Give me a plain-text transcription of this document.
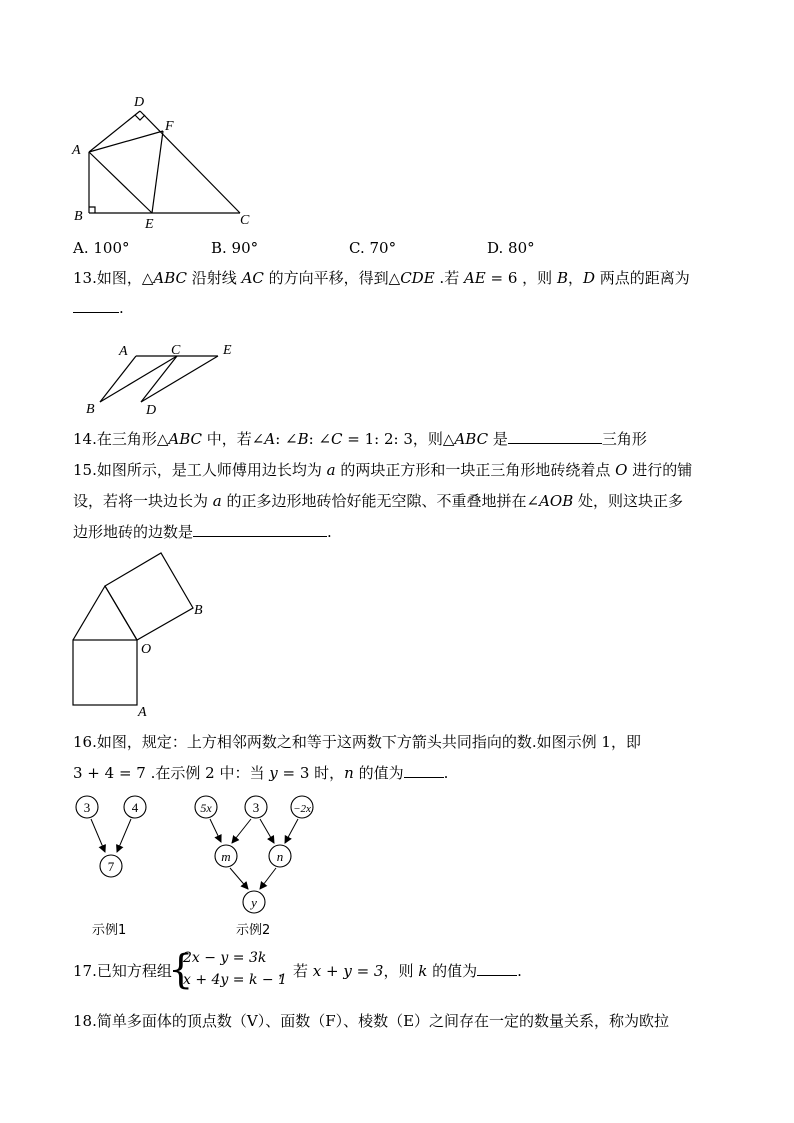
D
F
A
B
E	C
A. 100°	B. 90°	C. 70°	D. 80°
13.如图，△ABC 沿射线 AC 的方向平移，得到△CDE .若 AE = 6 ，则 B，D 两点的距离为
.
A	C	E
B	D
14.在三角形△ABC 中，若∠A: ∠B: ∠C = 1: 2: 3，则△ABC 是	三角形
15.如图所示，是工人师傅用边长均为 a 的两块正方形和一块正三角形地砖绕着点 O 进行的铺
设，若将一块边长为 a 的正多边形地砖恰好能无空隙、不重叠地拼在∠AOB 处，则这块正多
边形地砖的边数是	.
B
O
A
16.如图，规定：上方相邻两数之和等于这两数下方箭头共同指向的数.如图示例 1，即
3 + 4 = 7 .在示例 2 中：当 y = 3 时，n 的值为	.
3	4
7
5x	3	−2x
m	n
y
示例1	示例2
17.已知方程组
{
2x − y = 3k
x + 4y = k − 1
，若 x + y = 3，则 k 的值为	.
18.简单多面体的顶点数（V）、面数（F）、棱数（E）之间存在一定的数量关系，称为欧拉
